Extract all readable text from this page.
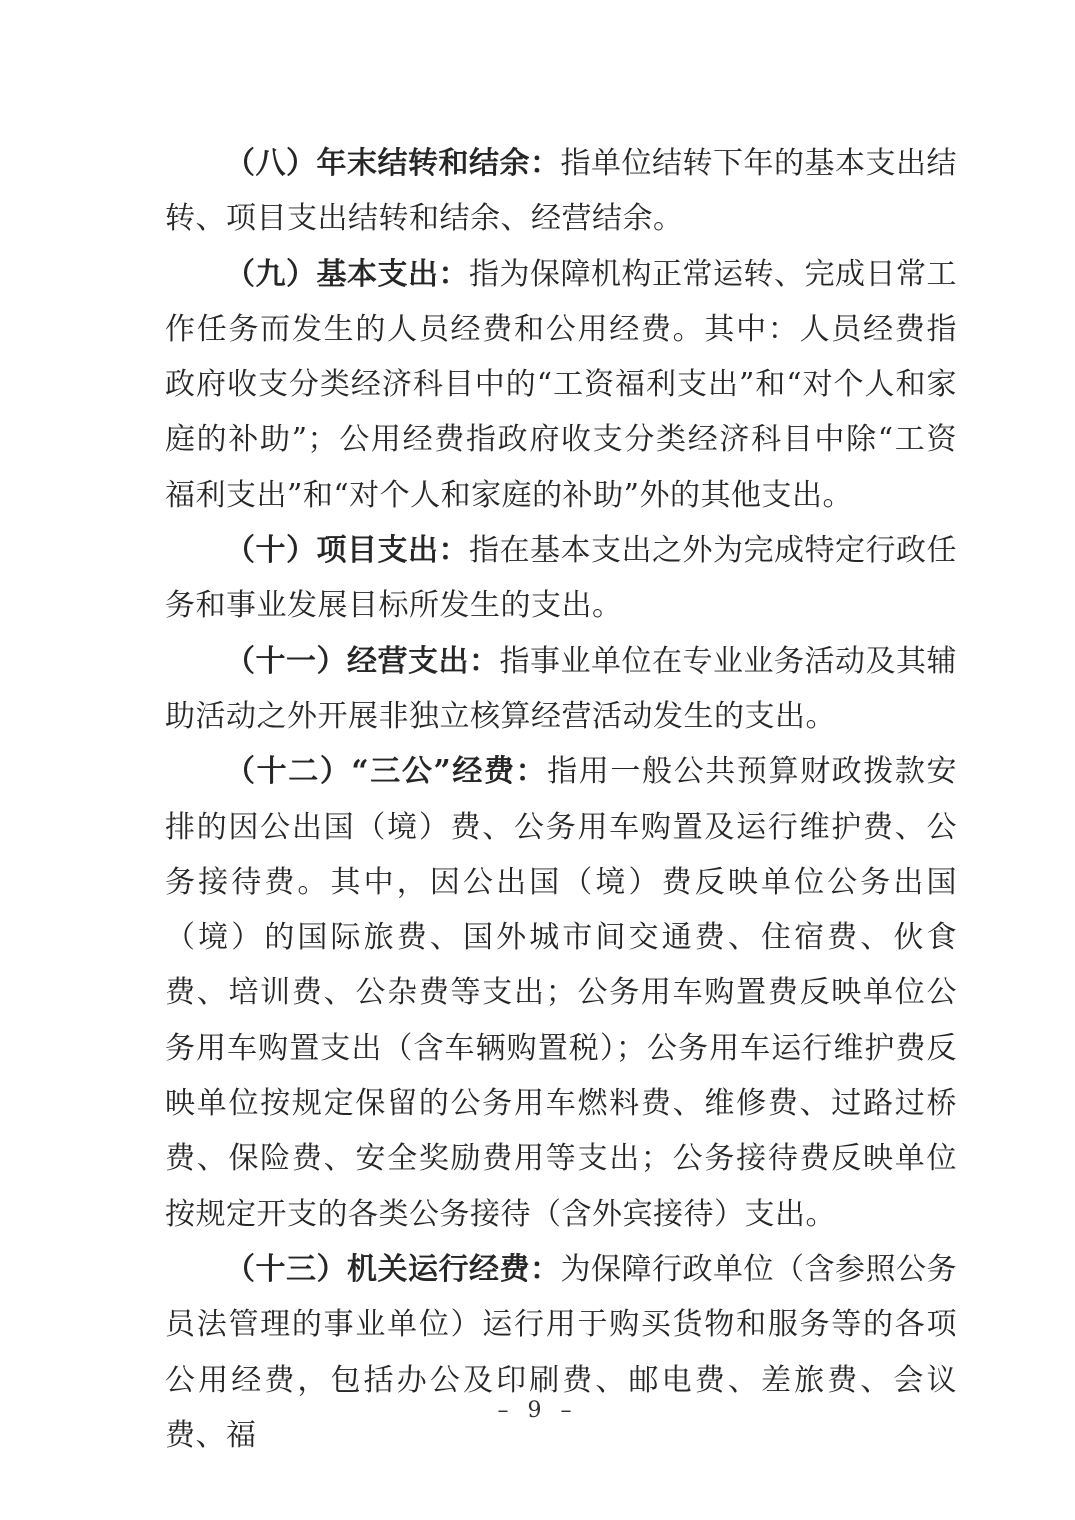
（八）年末结转和结余：指单位结转下年的基本支出结转、项目支出结转和结余、经营结余。

（九）基本支出：指为保障机构正常运转、完成日常工作任务而发生的人员经费和公用经费。其中：人员经费指政府收支分类经济科目中的“工资福利支出”和“对个人和家庭的补助”；公用经费指政府收支分类经济科目中除“工资福利支出”和“对个人和家庭的补助”外的其他支出。

（十）项目支出：指在基本支出之外为完成特定行政任务和事业发展目标所发生的支出。

（十一）经营支出：指事业单位在专业业务活动及其辅助活动之外开展非独立核算经营活动发生的支出。

（十二）“三公”经费：指用一般公共预算财政拨款安排的因公出国（境）费、公务用车购置及运行维护费、公务接待费。其中，因公出国（境）费反映单位公务出国（境）的国际旅费、国外城市间交通费、住宿费、伙食费、培训费、公杂费等支出；公务用车购置费反映单位公务用车购置支出（含车辆购置税）；公务用车运行维护费反映单位按规定保留的公务用车燃料费、维修费、过路过桥费、保险费、安全奖励费用等支出；公务接待费反映单位按规定开支的各类公务接待（含外宾接待）支出。

（十三）机关运行经费：为保障行政单位（含参照公务员法管理的事业单位）运行用于购买货物和服务等的各项公用经费，包括办公及印刷费、邮电费、差旅费、会议费、福

– 9 –
